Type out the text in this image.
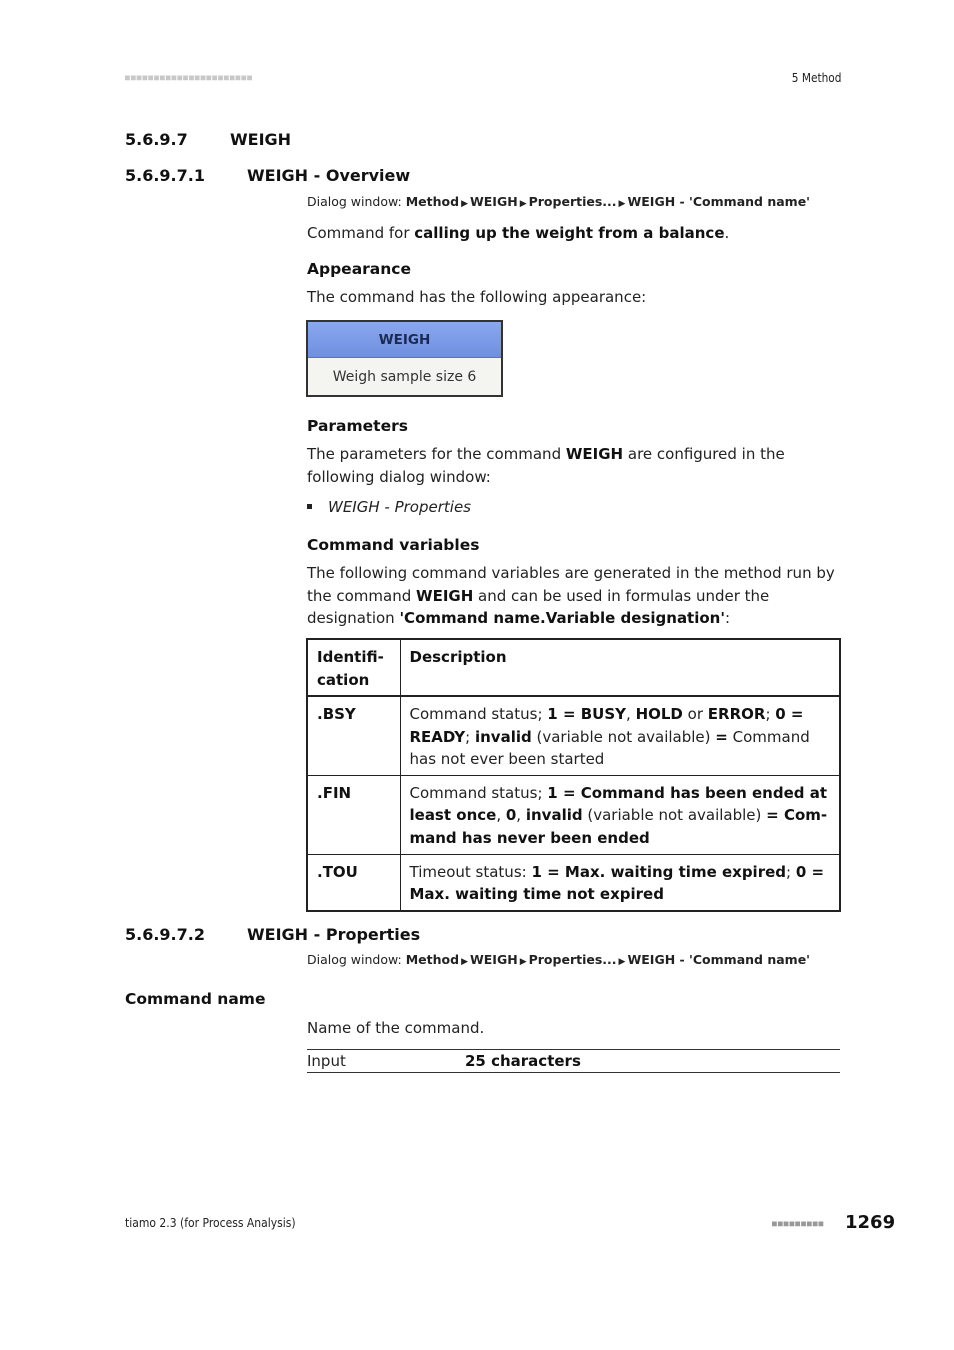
■■■■■■■■■■■■■■■■■■■■■■	5 Method
5.6.9.7	WEIGH
5.6.9.7.1	WEIGH - Overview
Dialog window: Method ▶ WEIGH ▶ Properties... ▶ WEIGH - 'Command name'
Command for calling up the weight from a balance.
Appearance
The command has the following appearance:
WEIGH
Weigh sample size 6
Parameters
The parameters for the command WEIGH are configured in the following dialog window:
WEIGH - Properties
Command variables
The following command variables are generated in the method run by the command WEIGH and can be used in formulas under the designation 'Command name.Variable designation':
Identifi-
cation	Description
.BSY	Command status; 1 = BUSY, HOLD or ERROR; 0 = READY; invalid (variable not available) = Command has not ever been started
.FIN	Command status; 1 = Command has been ended at least once, 0, invalid (variable not available) = Com-mand has never been ended
.TOU	Timeout status: 1 = Max. waiting time expired; 0 = Max. waiting time not expired
5.6.9.7.2	WEIGH - Properties
Dialog window: Method ▶ WEIGH ▶ Properties... ▶ WEIGH - 'Command name'
Command name
Name of the command.
Input	25 characters
tiamo 2.3 (for Process Analysis)	■■■■■■■■■ 1269
